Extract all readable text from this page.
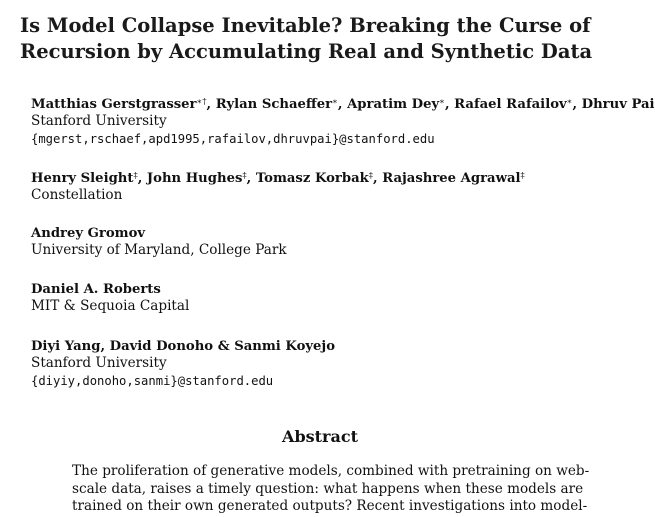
Is Model Collapse Inevitable? Breaking the Curse of
Recursion by Accumulating Real and Synthetic Data
Matthias Gerstgrasser∗†, Rylan Schaeffer∗, Apratim Dey∗, Rafael Rafailov∗, Dhruv Pai
Stanford University
{mgerst,rschaef,apd1995,rafailov,dhruvpai}@stanford.edu
Henry Sleight‡, John Hughes‡, Tomasz Korbak‡, Rajashree Agrawal‡
Constellation
Andrey Gromov
University of Maryland, College Park
Daniel A. Roberts
MIT & Sequoia Capital
Diyi Yang, David Donoho & Sanmi Koyejo
Stanford University
{diyiy,donoho,sanmi}@stanford.edu
Abstract
The proliferation of generative models, combined with pretraining on web-
scale data, raises a timely question: what happens when these models are
trained on their own generated outputs? Recent investigations into model-
